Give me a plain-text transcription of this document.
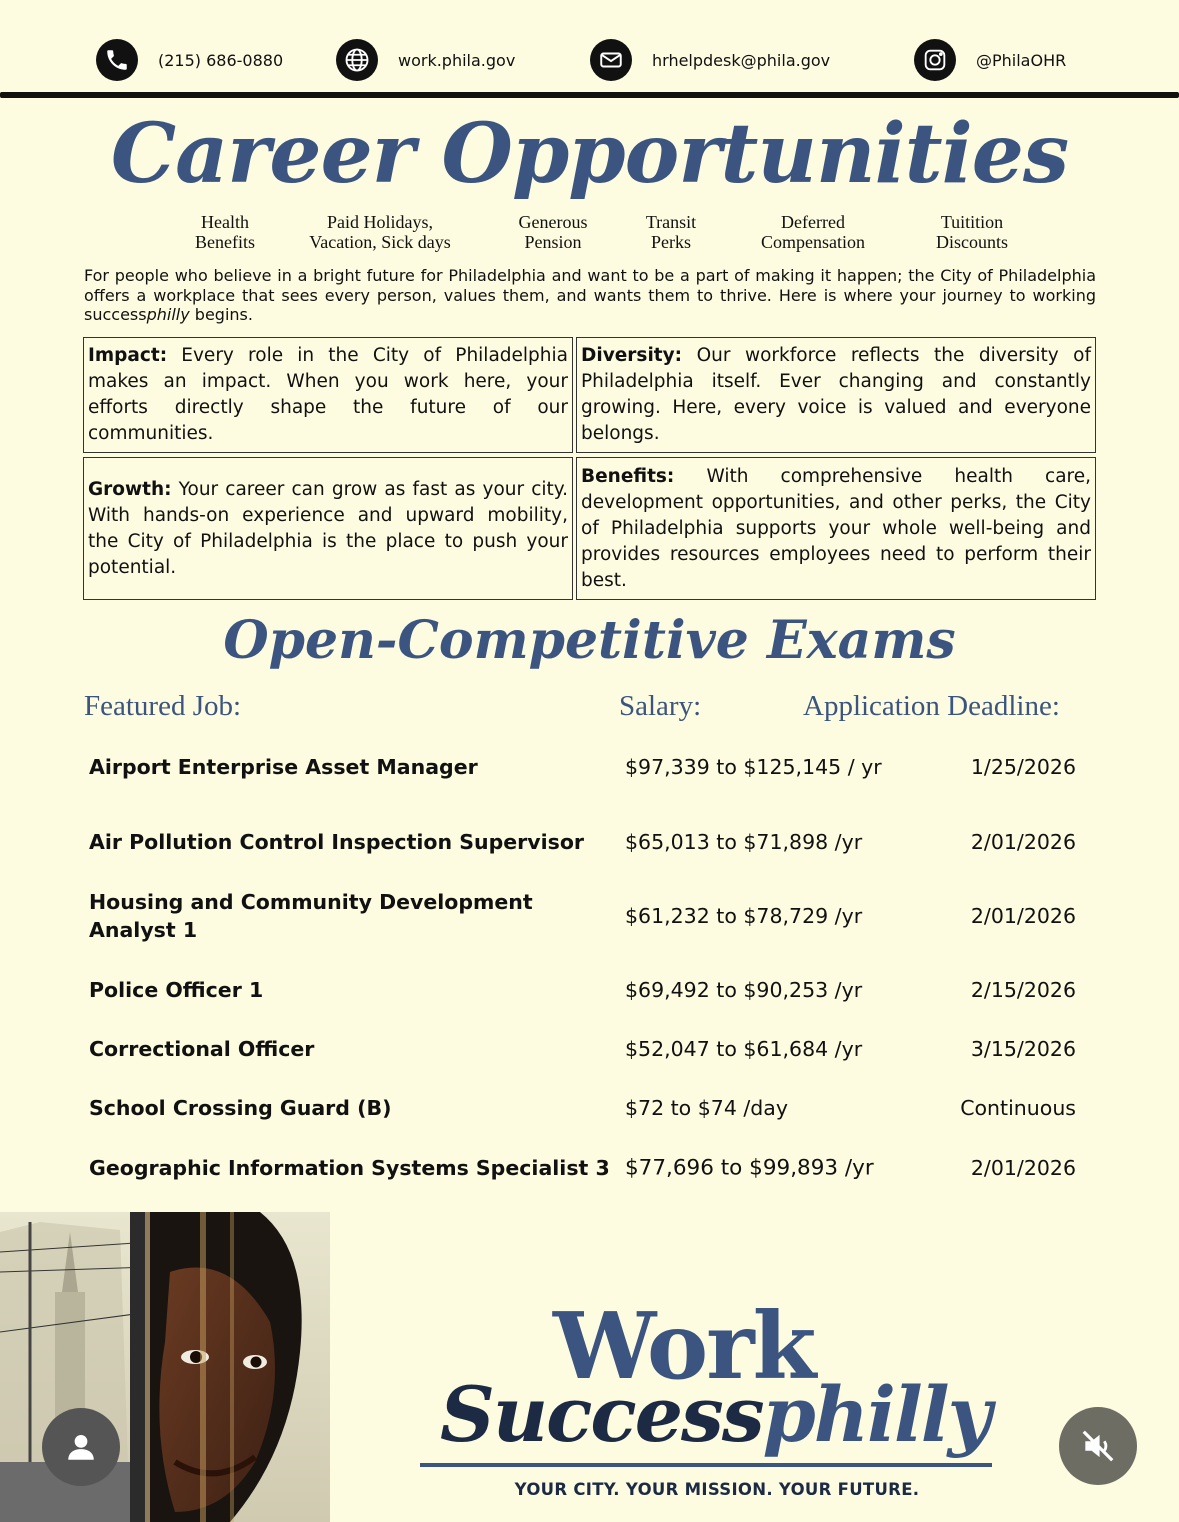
(215) 686-0880	work.phila.gov	hrhelpdesk@phila.gov	@PhilaOHR
Career Opportunities
Health
Benefits
Paid Holidays,
Vacation, Sick days
Generous
Pension
Transit
Perks
Deferred
Compensation
Tuitition
Discounts
For people who believe in a bright future for Philadelphia and want to be a part of making it happen; the City of Philadelphia offers a workplace that sees every person, values them, and wants them to thrive. Here is where your journey to working successphilly begins.

Impact: Every role in the City of Philadelphia makes an impact. When you work here, your efforts directly shape the future of our communities.

Diversity: Our workforce reflects the diversity of Philadelphia itself. Ever changing and constantly growing. Here, every voice is valued and everyone belongs.

Growth: Your career can grow as fast as your city. With hands-on experience and upward mobility, the City of Philadelphia is the place to push your potential.

Benefits: With comprehensive health care, development opportunities, and other perks, the City of Philadelphia supports your whole well-being and provides resources employees need to perform their best.

Open-Competitive Exams
Featured Job:	Salary:	Application Deadline:
Airport Enterprise Asset Manager	$97,339 to $125,145 / yr	1/25/2026
Air Pollution Control Inspection Supervisor	$65,013 to $71,898 /yr	2/01/2026
Housing and Community Development Analyst 1
$61,232 to $78,729 /yr	2/01/2026
Police Officer 1	$69,492 to $90,253 /yr	2/15/2026
Correctional Officer	$52,047 to $61,684 /yr	3/15/2026
School Crossing Guard (B)	$72 to $74 /day	Continuous
Geographic Information Systems Specialist 3 $77,696 to $99,893 /yr	2/01/2026
Work
Successphilly
YOUR CITY. YOUR MISSION. YOUR FUTURE.
